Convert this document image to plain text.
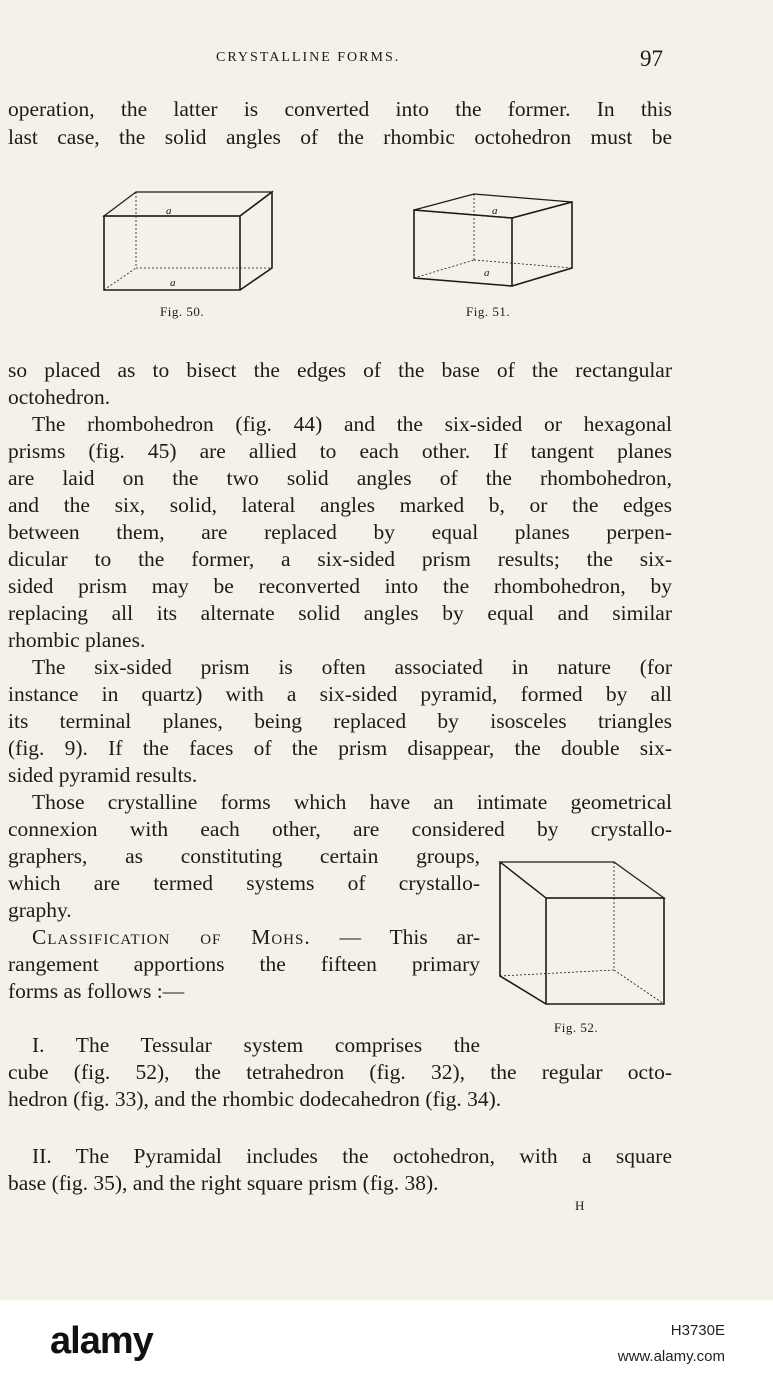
CRYSTALLINE FORMS.	97
operation, the latter is converted into the former. In this
last case, the solid angles of the rhombic octohedron must be
a
a
Fig. 50.
a
a
Fig. 51.
so placed as to bisect the edges of the base of the rectangular
octohedron.
The rhombohedron (fig. 44) and the six-sided or hexagonal
prisms (fig. 45) are allied to each other. If tangent planes
are laid on the two solid angles of the rhombohedron,
and the six, solid, lateral angles marked b, or the edges
between them, are replaced by equal planes perpen-
dicular to the former, a six-sided prism results; the six-
sided prism may be reconverted into the rhombohedron, by
replacing all its alternate solid angles by equal and similar
rhombic planes.
The six-sided prism is often associated in nature (for
instance in quartz) with a six-sided pyramid, formed by all
its terminal planes, being replaced by isosceles triangles
(fig. 9). If the faces of the prism disappear, the double six-
sided pyramid results.
Those crystalline forms which have an intimate geometrical
connexion with each other, are considered by crystallo-
graphers, as constituting certain groups,
which are termed systems of crystallo-
graphy.
Classification of Mohs. — This ar-
rangement apportions the fifteen primary
forms as follows :—
Fig. 52.
I. The Tessular system comprises the
cube (fig. 52), the tetrahedron (fig. 32), the regular octo-
hedron (fig. 33), and the rhombic dodecahedron (fig. 34).
II. The Pyramidal includes the octohedron, with a square
base (fig. 35), and the right square prism (fig. 38).
H
alamy	H3730E
www.alamy.com
